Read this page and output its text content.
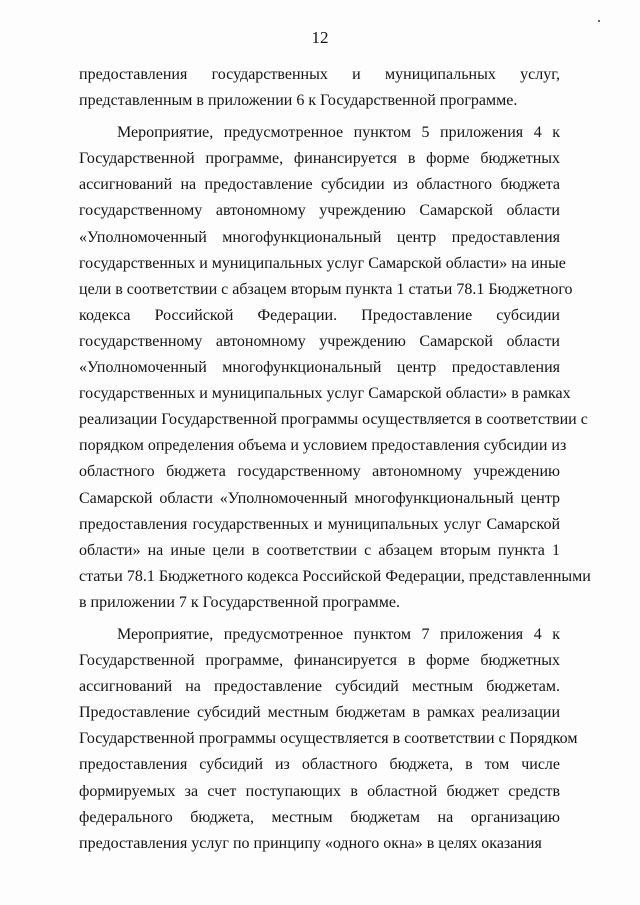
12
предоставления государственных и муниципальных услуг,
представленным в приложении 6 к Государственной программе.
Мероприятие, предусмотренное пунктом 5 приложения 4 к
Государственной программе, финансируется в форме бюджетных
ассигнований на предоставление субсидии из областного бюджета
государственному автономному учреждению Самарской области
«Уполномоченный многофункциональный центр предоставления
государственных и муниципальных услуг Самарской области» на иные
цели в соответствии с абзацем вторым пункта 1 статьи 78.1 Бюджетного
кодекса Российской Федерации. Предоставление субсидии
государственному автономному учреждению Самарской области
«Уполномоченный многофункциональный центр предоставления
государственных и муниципальных услуг Самарской области» в рамках
реализации Государственной программы осуществляется в соответствии с
порядком определения объема и условием предоставления субсидии из
областного бюджета государственному автономному учреждению
Самарской области «Уполномоченный многофункциональный центр
предоставления государственных и муниципальных услуг Самарской
области» на иные цели в соответствии с абзацем вторым пункта 1
статьи 78.1 Бюджетного кодекса Российской Федерации, представленными
в приложении 7 к Государственной программе.
Мероприятие, предусмотренное пунктом 7 приложения 4 к
Государственной программе, финансируется в форме бюджетных
ассигнований на предоставление субсидий местным бюджетам.
Предоставление субсидий местным бюджетам в рамках реализации
Государственной программы осуществляется в соответствии с Порядком
предоставления субсидий из областного бюджета, в том числе
формируемых за счет поступающих в областной бюджет средств
федерального бюджета, местным бюджетам на организацию
предоставления услуг по принципу «одного окна» в целях оказания
